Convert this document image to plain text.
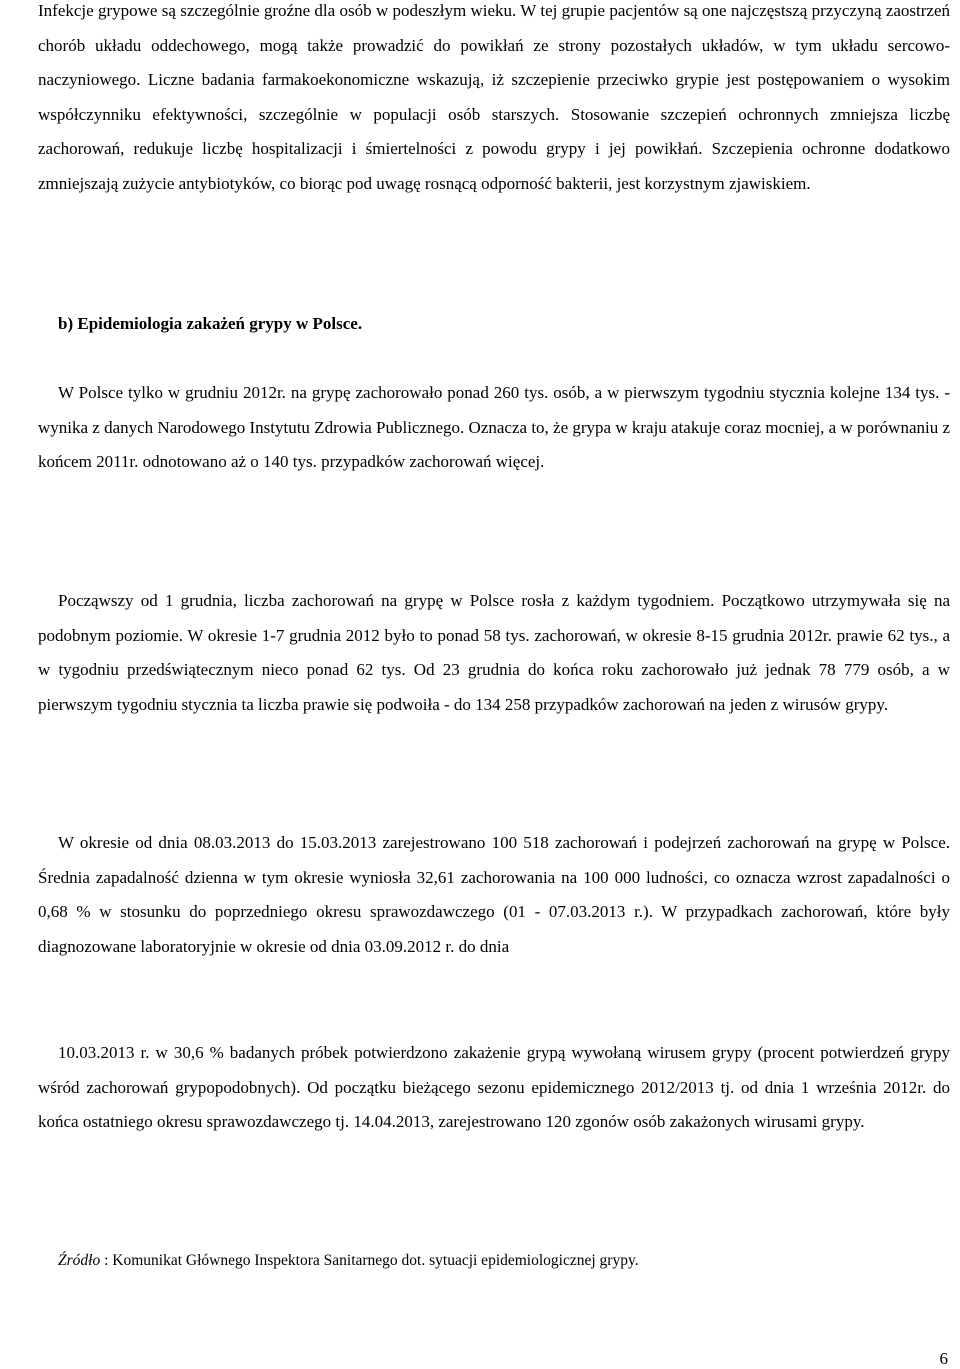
Infekcje grypowe są szczególnie groźne dla osób w podeszłym wieku. W tej grupie pacjentów są one najczęstszą przyczyną zaostrzeń chorób układu oddechowego, mogą także prowadzić do powikłań ze strony pozostałych układów, w tym układu sercowo- naczyniowego. Liczne badania farmakoekonomiczne wskazują, iż szczepienie przeciwko grypie jest postępowaniem o wysokim współczynniku efektywności, szczególnie w populacji osób starszych. Stosowanie szczepień ochronnych zmniejsza liczbę zachorowań, redukuje liczbę hospitalizacji i śmiertelności z powodu grypy i jej powikłań. Szczepienia ochronne dodatkowo zmniejszają zużycie antybiotyków, co biorąc pod uwagę rosnącą odporność bakterii, jest korzystnym zjawiskiem.

b) Epidemiologia zakażeń grypy w Polsce.

W Polsce tylko w grudniu 2012r. na grypę zachorowało ponad 260 tys. osób, a w pierwszym tygodniu stycznia kolejne 134 tys. - wynika z danych Narodowego Instytutu Zdrowia Publicznego. Oznacza to, że grypa w kraju atakuje coraz mocniej, a w porównaniu z końcem 2011r. odnotowano aż o 140 tys. przypadków zachorowań więcej.

Począwszy od 1 grudnia, liczba zachorowań na grypę w Polsce rosła z każdym tygodniem. Początkowo utrzymywała się na podobnym poziomie. W okresie 1-7 grudnia 2012 było to ponad 58 tys. zachorowań, w okresie 8-15 grudnia 2012r. prawie 62 tys., a w tygodniu przedświątecznym nieco ponad 62 tys. Od 23 grudnia do końca roku zachorowało już jednak 78 779 osób, a w pierwszym tygodniu stycznia ta liczba prawie się podwoiła - do 134 258 przypadków zachorowań na jeden z wirusów grypy.

W okresie od dnia 08.03.2013 do 15.03.2013 zarejestrowano 100 518 zachorowań i podejrzeń zachorowań na grypę w Polsce. Średnia zapadalność dzienna w tym okresie wyniosła 32,61 zachorowania na 100 000 ludności, co oznacza wzrost zapadalności o 0,68 % w stosunku do poprzedniego okresu sprawozdawczego (01 - 07.03.2013 r.). W przypadkach zachorowań, które były diagnozowane laboratoryjnie w okresie od dnia 03.09.2012 r. do dnia

10.03.2013 r. w 30,6 % badanych próbek potwierdzono zakażenie grypą wywołaną wirusem grypy (procent potwierdzeń grypy wśród zachorowań grypopodobnych). Od początku bieżącego sezonu epidemicznego 2012/2013 tj. od dnia 1 września 2012r. do końca ostatniego okresu sprawozdawczego tj. 14.04.2013, zarejestrowano 120 zgonów osób zakażonych wirusami grypy.

Źródło : Komunikat Głównego Inspektora Sanitarnego dot. sytuacji epidemiologicznej grypy.

6
